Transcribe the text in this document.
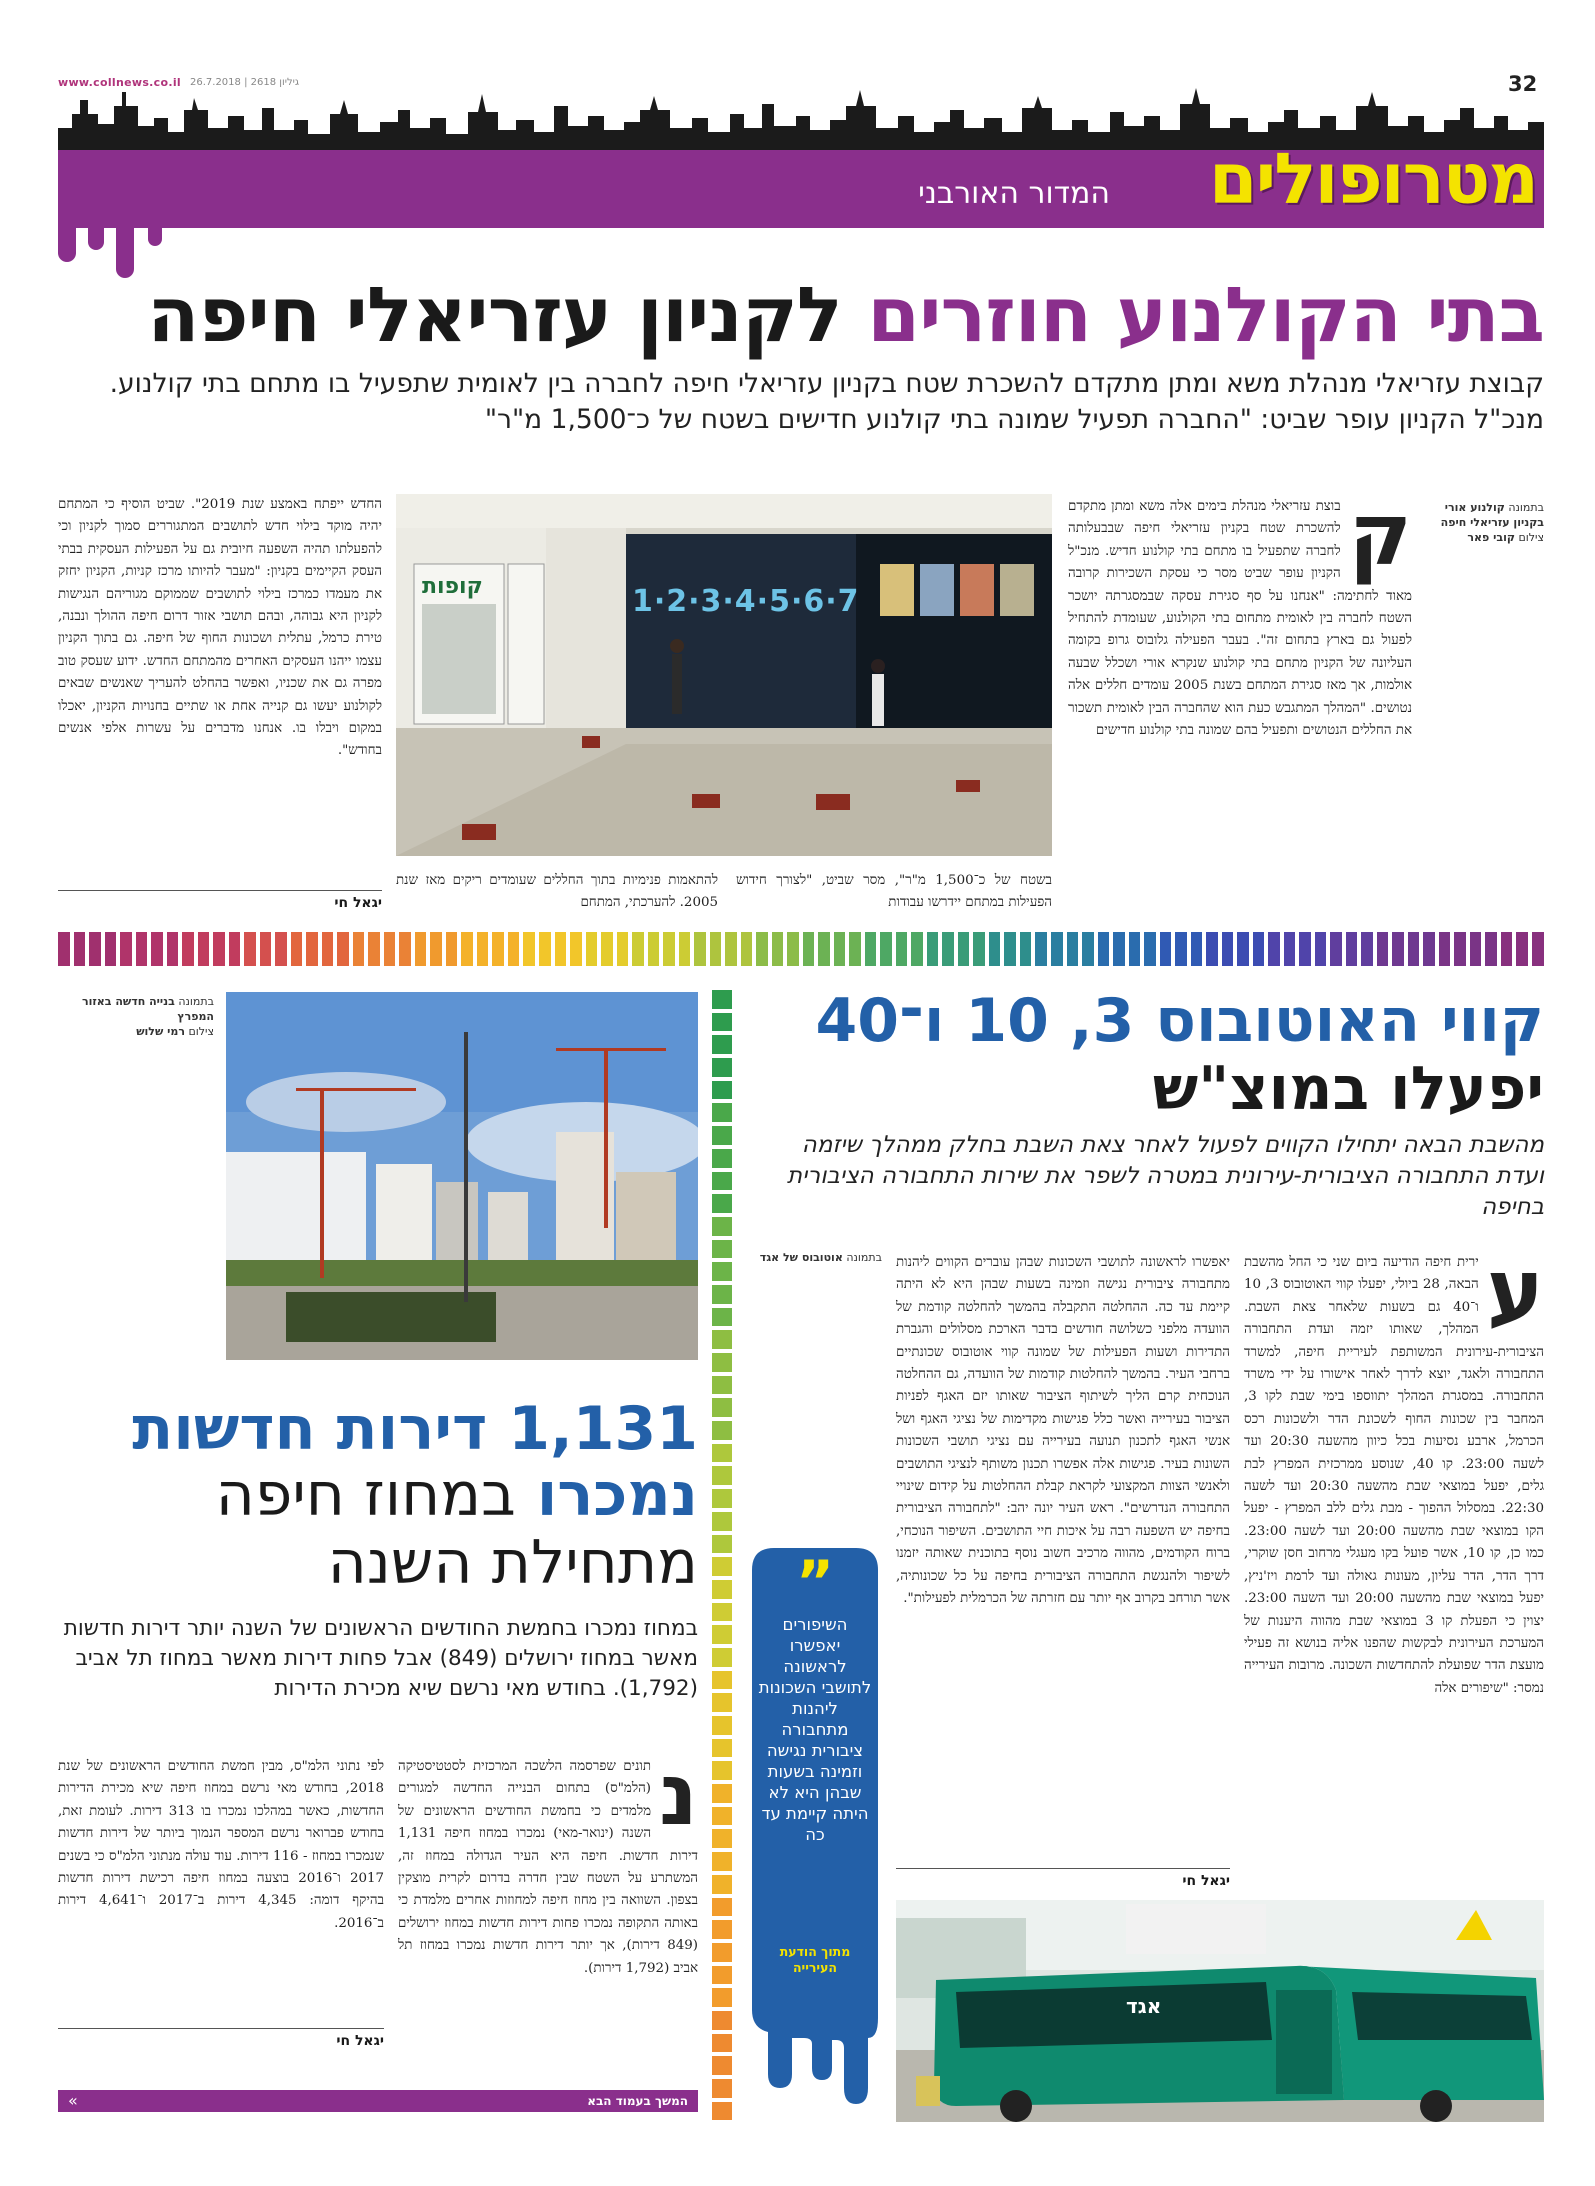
www.collnews.co.il גיליון 2618 | 26.7.2018	32
מטרופולים
המדור האורבני
בתי הקולנוע חוזרים לקניון עזריאלי חיפה
קבוצת עזריאלי מנהלת משא ומתן מתקדם להשכרת שטח בקניון עזריאלי חיפה לחברה בין לאומית שתפעיל בו מתחם בתי קולנוע. מנכ"ל הקניון עופר שביט: "החברה תפעיל שמונה בתי קולנוע חדישים בשטח של כ־1,500 מ"ר"
בתמונה קולנוע אורי בקניון עזריאלי חיפה
צילום קובי פאר
ק
בוצת עזריאלי מנהלת בימים אלה משא ומתן מתקדם להשכרת שטח בקניון עזריאלי חיפה שבבעלותה לחברה שתפעיל בו מתחם בתי קולנוע חדיש. מנכ"ל הקניון עופר שביט מסר כי עסקת השכירות קרובה מאוד לחתימה: "אנחנו על סף סגירת עסקה שבמסגרתה יושכר השטח לחברה בין לאומית מתחום בתי הקולנוע, שעומדת להתחיל לפעול גם בארץ בתחום זה". בעבר הפעילה גלובוס גרופ בקומה העליונה של הקניון מתחם בתי קולנוע שנקרא אורי ושכלל שבעה אולמות, אך מאז סגירת המתחם בשנת 2005 עומדים חללים אלה נטושים. "המהלך המתגבש כעת הוא שהחברה הבין לאומית תשכור את החללים הנטושים ותפעיל בהם שמונה בתי קולנוע חדישים
קופות	1·2·3·4·5·6·7
בשטח של כ־1,500 מ"ר", מסר שביט, "לצורך חידוש הפעילות במתחם יידרשו עבודות
להתאמות פנימיות בתוך החללים שעומדים ריקים מאז שנת 2005. להערכתי, המתחם
החדש ייפתח באמצע שנת 2019". שביט הוסיף כי המתחם יהיה מוקד בילוי חדש לתושבים המתגוררים סמוך לקניון וכי להפעלתו תהיה השפעה חיובית גם על הפעילות העסקית בבתי העסק הקיימים בקניון: "מעבר להיותו מרכז קניות, הקניון יחזק את מעמדו כמרכז בילוי לתושבים שממוקם מגוריהם הנגישות לקניון היא גבוהה, ובהם תושבי אזור דרום חיפה ההולך ונבנה, טירת כרמל, עתלית ושכונות החוף של חיפה. גם בתוך הקניון עצמו ייהנו העסקים האחרים מהמתחם החדש. ידוע שעסק טוב מפרה גם את שכניו, ואפשר בהחלט להעריך שאנשים שבאים לקולנוע יעשו גם קנייה אחת או שתיים בחנויות הקניון, יאכלו במקום ויבלו בו. אנחנו מדברים על עשרות אלפי אנשים בחודש".
יגאל חי
קווי האוטובוס 3, 10 ו־40
יפעלו במוצ"ש
מהשבת הבאה יתחילו הקווים לפעול לאחר צאת השבת בחלק ממהלך שיזמה ועדת התחבורה הציבורית-עירונית במטרה לשפר את שירות התחבורה הציבורית בחיפה
ע
ירית חיפה הודיעה ביום שני כי החל מהשבת הבאה, 28 ביולי, יפעלו קווי האוטובוס 3, 10 ו־40 גם בשעות שלאחר צאת השבת. המהלך, שאותו יזמה ועדת התחבורה הציבורית-עירונית המשותפת לעיריית חיפה, למשרד התחבורה ולאגד, יוצא לדרך לאחר אישורו על ידי משרד התחבורה. במסגרת המהלך יתווספו בימי שבת לקו 3, המחבר בין שכונות החוף לשכונת הדר ולשכונות רכס הכרמל, ארבע נסיעות בכל כיוון מהשעה 20:30 ועד לשעה 23:00. קו 40, שנוסע ממרכזית המפרץ לבת גלים, יפעל במוצאי שבת מהשעה 20:30 ועד לשעה 22:30. במסלול ההפוך - מבת גלים ללב המפרץ - יפעל הקו במוצאי שבת מהשעה 20:00 ועד לשעה 23:00. כמו כן, קו 10, אשר פועל בקו מעגלי מרחוב חסן שוקרי, דרך הדר, הדר עליון, מעונות גאולה ועד לרמת ויז'ניץ, יפעל במוצאי שבת מהשעה 20:00 ועד השעה 23:00. יצוין כי הפעלת קו 3 במוצאי שבת מהווה היענות של המערכת העירונית לבקשות שהפנו אליה בנושא זה פעילי מועצת הדר שפועלת להתחדשות השכונה. מרובות העירייה נמסר: "שיפורים אלה
יאפשרו לראשונה לתושבי השכונות שבהן עוברים הקווים ליהנות מתחבורה ציבורית נגישה וזמינה בשעות שבהן היא לא היתה קיימת עד כה. ההחלטה התקבלה בהמשך להחלטה קודמת של הוועדה מלפני כשלושה חודשים בדבר הארכת מסלולים והגברת התדירות ושעות הפעילות של שמונה קווי אוטובוס שכונתיים ברחבי העיר. בהמשך להחלטות קודמות של הוועדה, גם ההחלטה הנוכחית קרם הליך לשיתוף הציבור שאותו יזם האגף לפניות הציבור בעירייה ואשר כלל פגישות מקדימות של נציגי האגף ושל אנשי האגף לתכנון תנועה בעירייה עם נציגי תושבי השכונות השונות בעיר. פגישות אלה אפשרו תכנון משותף לנציגי התושבים ולאנשי הצוות המקצועי לקראת קבלת ההחלטות על קידום שינויי התחבורה הנדרשים". ראש העיר יונה יהב: "לתחבורה הציבורית בחיפה יש השפעה רבה על איכות חיי התושבים. השיפור הנוכחי, ברוח הקודמים, מהווה מרכיב חשוב נוסף בתוכנית שאותה יזמנו לשיפור ולהנגשת התחבורה הציבורית בחיפה על כל שכונותיה, אשר תורחב בקרוב אף יותר עם חזרתה של הכרמלית לפעילות".
בתמונה אוטובוס של אגד
”
השיפורים יאפשרו לראשונה לתושבי השכונות ליהנות מתחבורה ציבורית נגישה וזמינה בשעות שבהן היא לא היתה קיימת עד כה
מתוך הודעת העירייה
יגאל חי
אגד
בתמונה בנייה חדשה באזור המפרץ
צילום רמי שלוש
1,131 דירות חדשות
נמכרו במחוז חיפה
מתחילת השנה
במחוז נמכרו בחמשת החודשים הראשונים של השנה יותר דירות חדשות מאשר במחוז ירושלים (849) אבל פחות דירות מאשר במחוז תל אביב (1,792). בחודש מאי נרשם שיא מכירת הדירות
נ
תונים שפרסמה הלשכה המרכזית לסטטיסטיקה (הלמ"ס) בתחום הבנייה החדשה למגורים מלמדים כי בחמשת החודשים הראשונים של השנה (ינואר-מאי) נמכרו במחוז חיפה 1,131 דירות חדשות. חיפה היא העיר הגדולה במחוז זה, המשתרע על השטח שבין חדרה בדרום לקרית מוצקין בצפון. השוואה בין מחוז חיפה למחוזות אחרים מלמדת כי באותה התקופה נמכרו פחות דירות חדשות במחוז ירושלים (849 דירות), אך יותר דירות חדשות נמכרו במחוז תל אביב (1,792 דירות).
לפי נתוני הלמ"ס, מבין חמשת החודשים הראשונים של שנת 2018, בחודש מאי נרשם במחוז חיפה שיא מכירת הדירות החדשות, כאשר במהלכו נמכרו בו 313 דירות. לעומת זאת, בחודש פברואר נרשם המספר הנמוך ביותר של דירות חדשות שנמכרו במחוז - 116 דירות. עוד עולה מנתוני הלמ"ס כי בשנים 2017 ו־2016 בוצעה במחוז חיפה רכישת דירות חדשות בהיקף דומה: 4,345 דירות ב־2017 ו־4,641 דירות ב־2016.
יגאל חי
המשך בעמוד הבא
«
